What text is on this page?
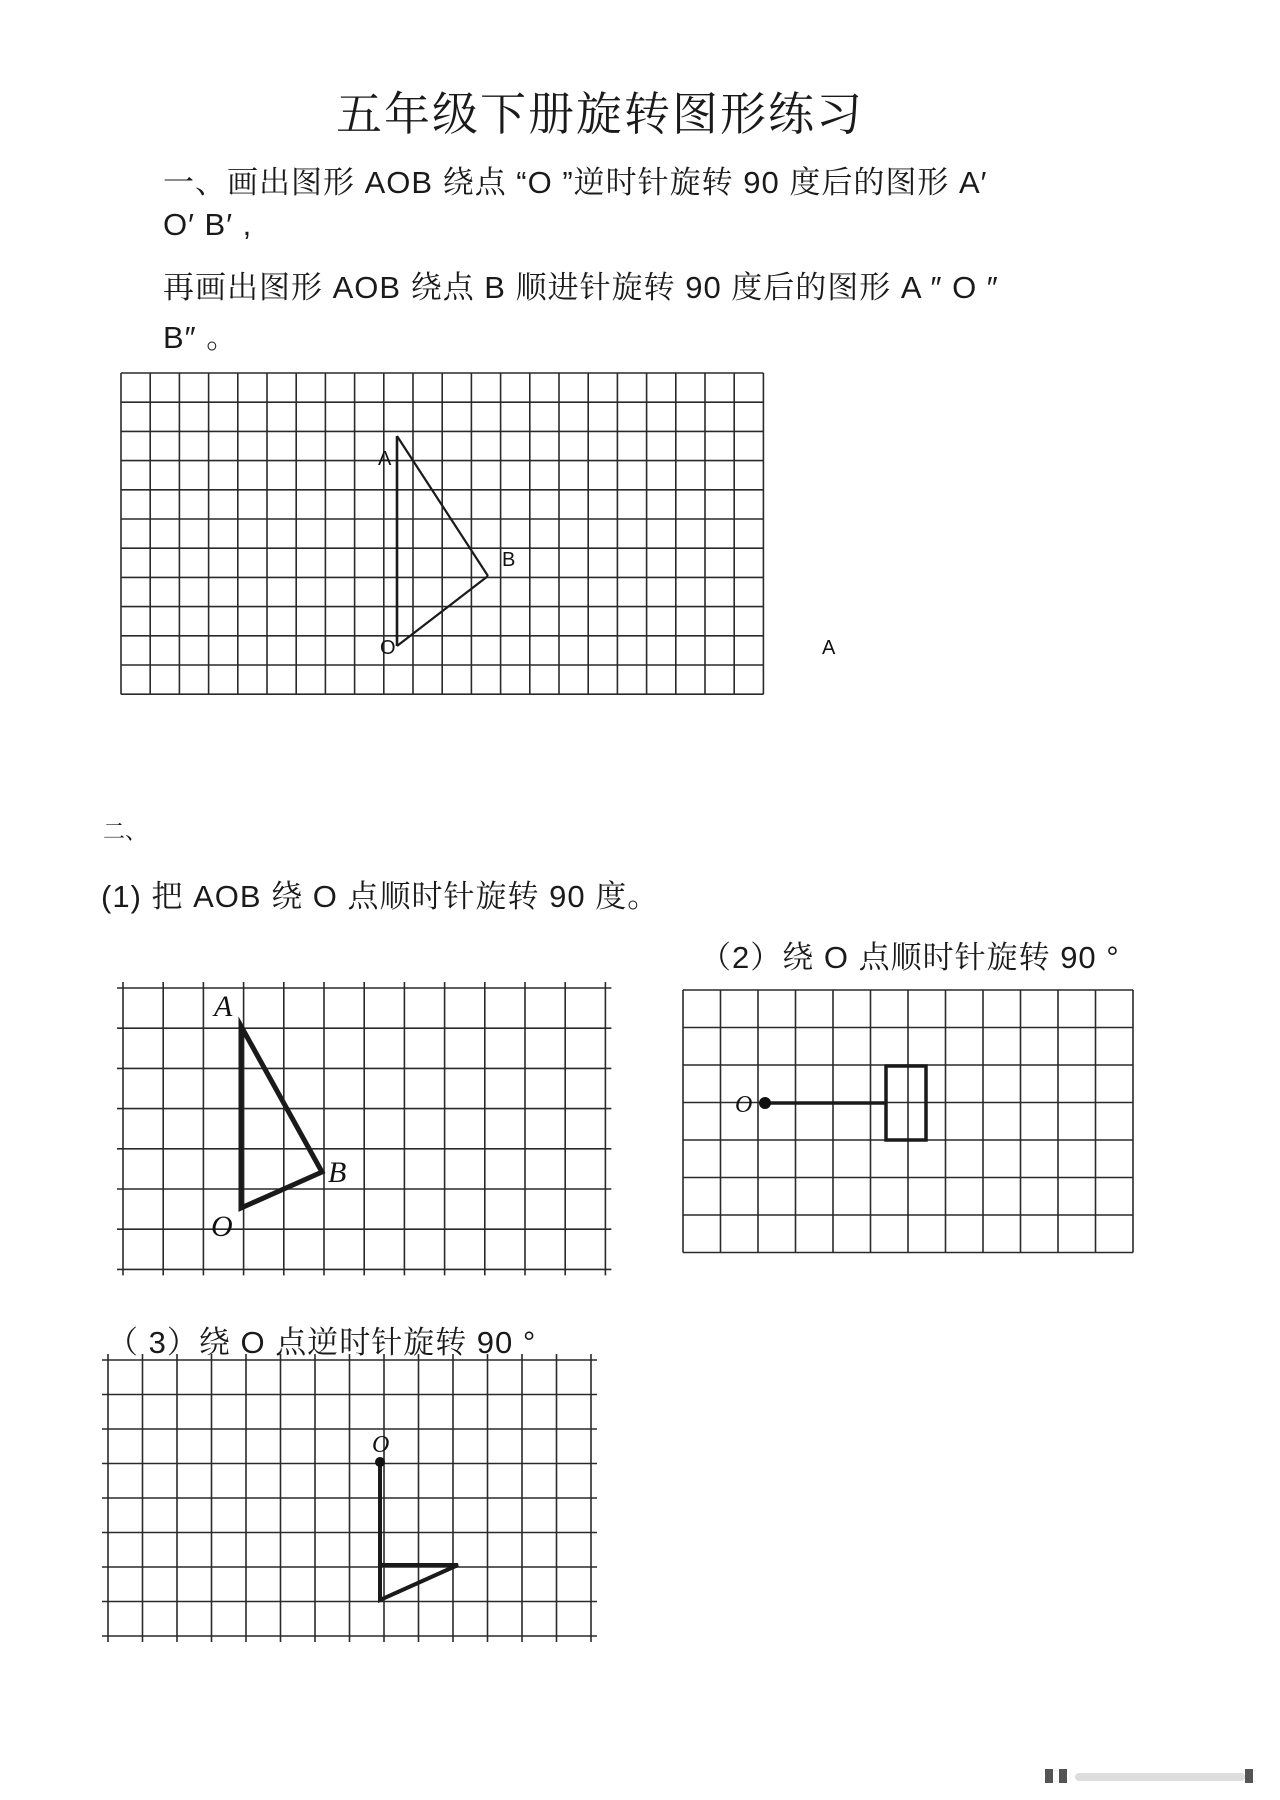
五年级下册旋转图形练习
一、画出图形 AOB 绕点 “O ”逆时针旋转 90 度后的图形 A′
O′ B′ ,
再画出图形 AOB 绕点 B 顺进针旋转 90 度后的图形 A ″ O ″
B″ 。
二、
(1) 把 AOB 绕 O 点顺时针旋转 90 度。
（2）绕 O 点顺时针旋转 90 °
（ 3）绕 O 点逆时针旋转 90 °
A
B
O	A
A
B
O
O
O
